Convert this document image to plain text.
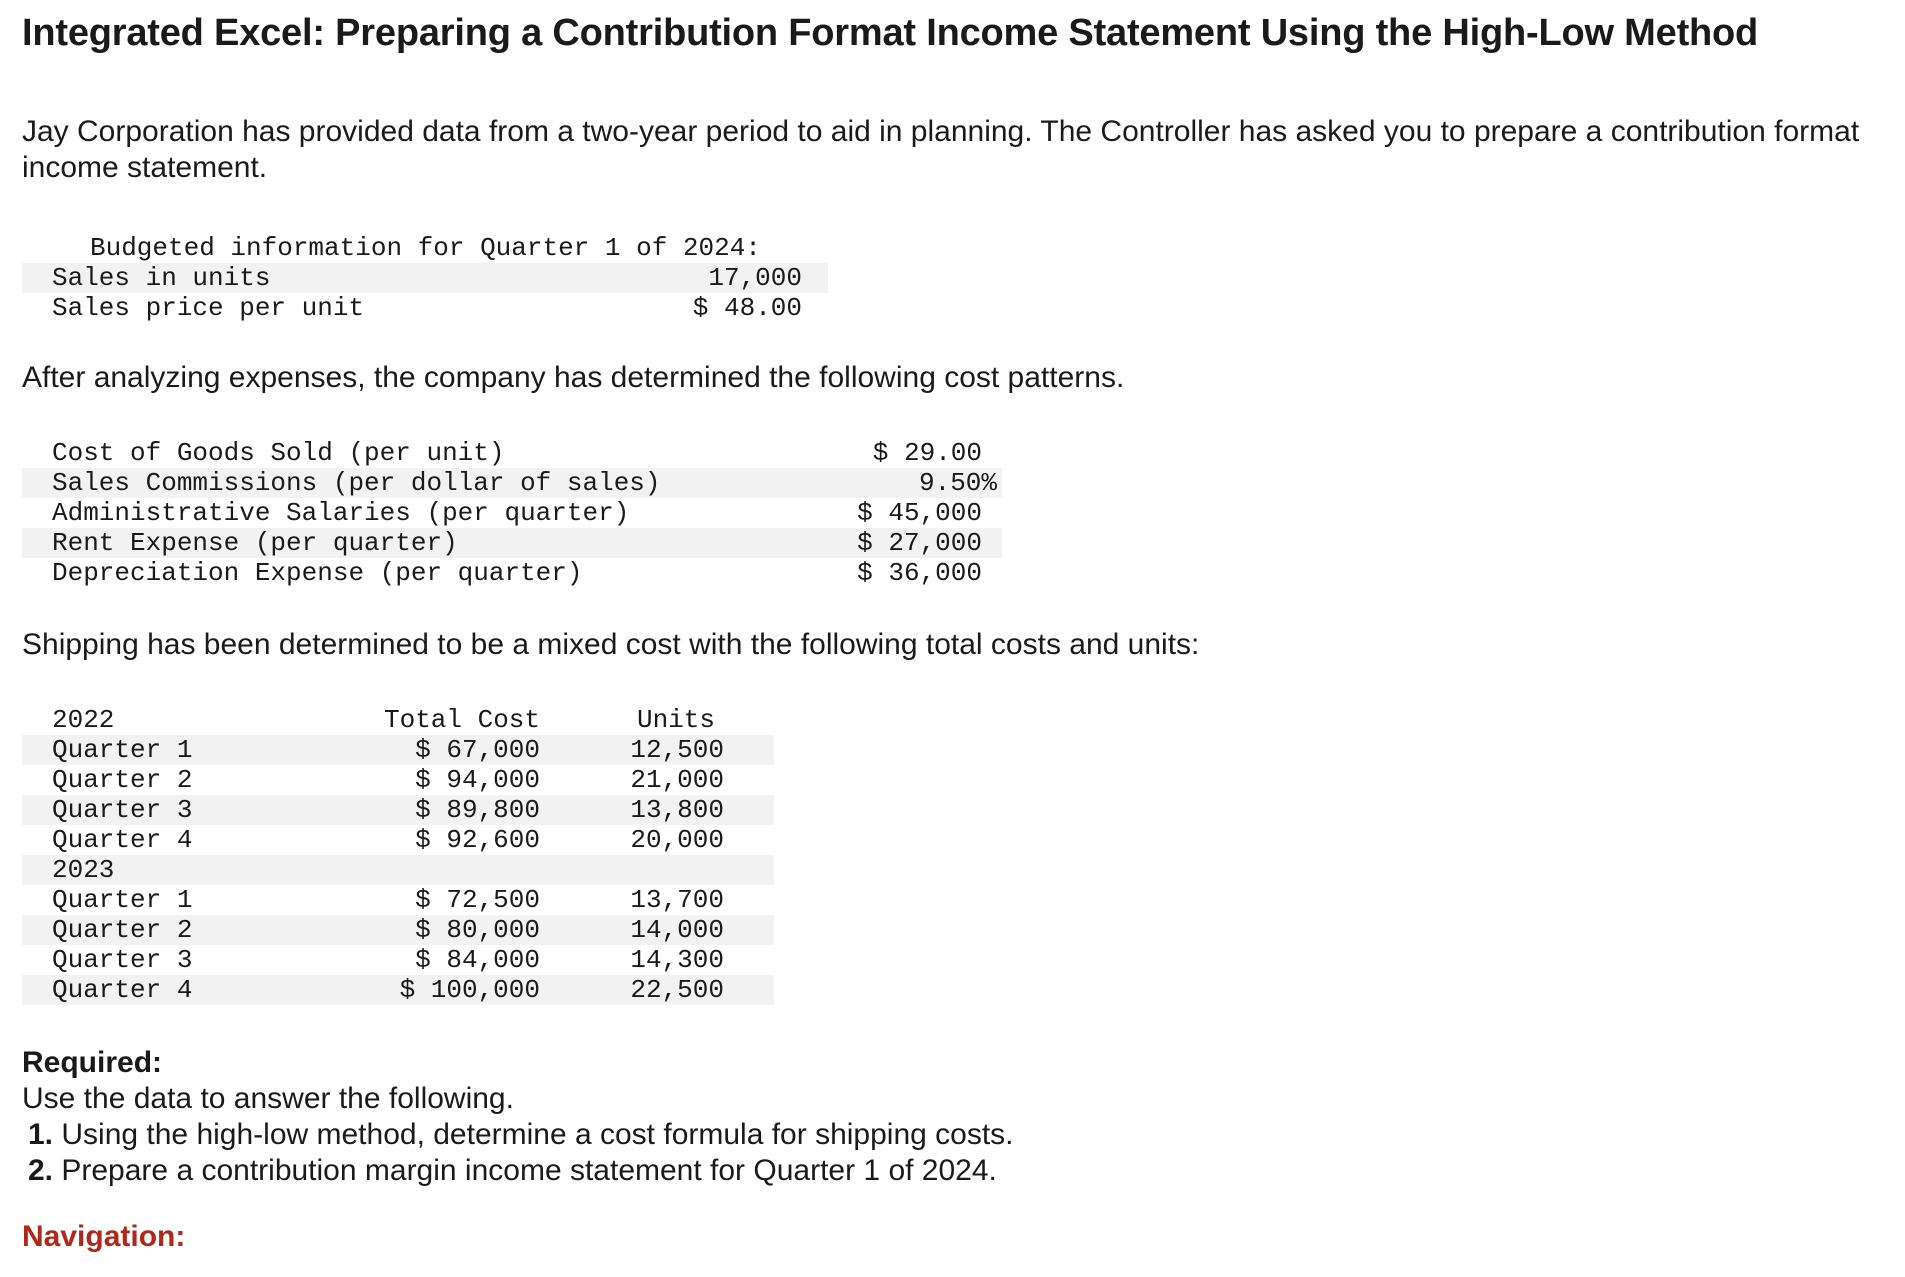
Integrated Excel: Preparing a Contribution Format Income Statement Using the High-Low Method
Jay Corporation has provided data from a two-year period to aid in planning. The Controller has asked you to prepare a contribution format income statement.
Budgeted information for Quarter 1 of 2024:
Sales in units	17,000
Sales price per unit	$ 48.00
After analyzing expenses, the company has determined the following cost patterns.
Cost of Goods Sold (per unit)	$ 29.00
Sales Commissions (per dollar of sales)	9.50%
Administrative Salaries (per quarter)	$ 45,000
Rent Expense (per quarter)	$ 27,000
Depreciation Expense (per quarter)	$ 36,000
Shipping has been determined to be a mixed cost with the following total costs and units:
2022	Total Cost	Units
Quarter 1	$ 67,000	12,500
Quarter 2	$ 94,000	21,000
Quarter 3	$ 89,800	13,800
Quarter 4	$ 92,600	20,000
2023
Quarter 1	$ 72,500	13,700
Quarter 2	$ 80,000	14,000
Quarter 3	$ 84,000	14,300
Quarter 4	$ 100,000	22,500
Required:
Use the data to answer the following.
1. Using the high-low method, determine a cost formula for shipping costs.
2. Prepare a contribution margin income statement for Quarter 1 of 2024.
Navigation:
